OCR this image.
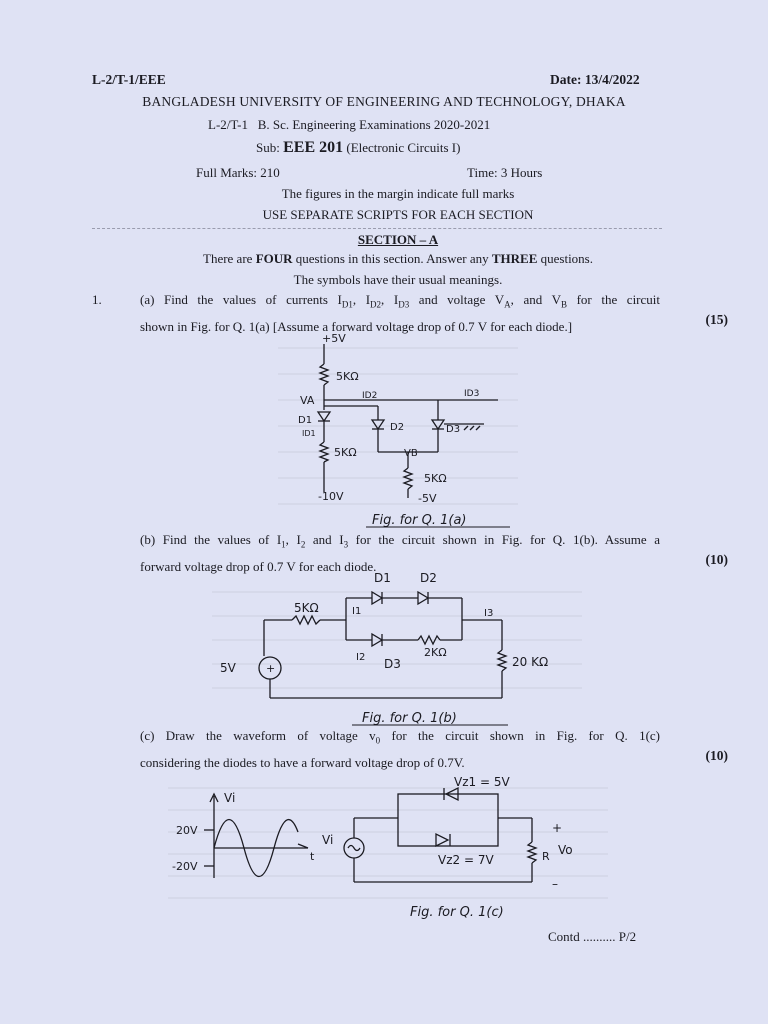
L-2/T-1/EEE	Date: 13/4/2022
BANGLADESH UNIVERSITY OF ENGINEERING AND TECHNOLOGY, DHAKA
L-2/T-1 B. Sc. Engineering Examinations 2020-2021
Sub: EEE 201 (Electronic Circuits I)
Full Marks: 210	Time: 3 Hours
The figures in the margin indicate full marks
USE SEPARATE SCRIPTS FOR EACH SECTION
SECTION – A
There are FOUR questions in this section. Answer any THREE questions.
The symbols have their usual meanings.
1.	(a) Find the values of currents $I_{D1}$, $I_{D2}$, $I_{D3}$ and voltage $V_A$, and $V_B$ for the circuit
shown in Fig. for Q. 1(a) [Assume a forward voltage drop of 0.7 V for each diode.]	(15)
+5V
5KΩ
VA	ID2	ID3
D1
ID1
D2	D3
5KΩ	VB
5KΩ
-10V	-5V
Fig. for Q. 1(a)
(b) Find the values of $I_1$, $I_2$ and $I_3$ for the circuit shown in Fig. for Q. 1(b). Assume a
forward voltage drop of 0.7 V for each diode.	(10)
+
D1 D2
5KΩ	I1	I3
I2 D3
2KΩ
5V	20 KΩ
Fig. for Q. 1(b)
(c) Draw the waveform of voltage $v_0$ for the circuit shown in Fig. for Q. 1(c)
considering the diodes to have a forward voltage drop of 0.7V.	(10)
Vi
20V
-20V
t
Vi
Vz1 = 5V
Vz2 = 7V
+
–
R Vo
Fig. for Q. 1(c)
Contd .......... P/2
